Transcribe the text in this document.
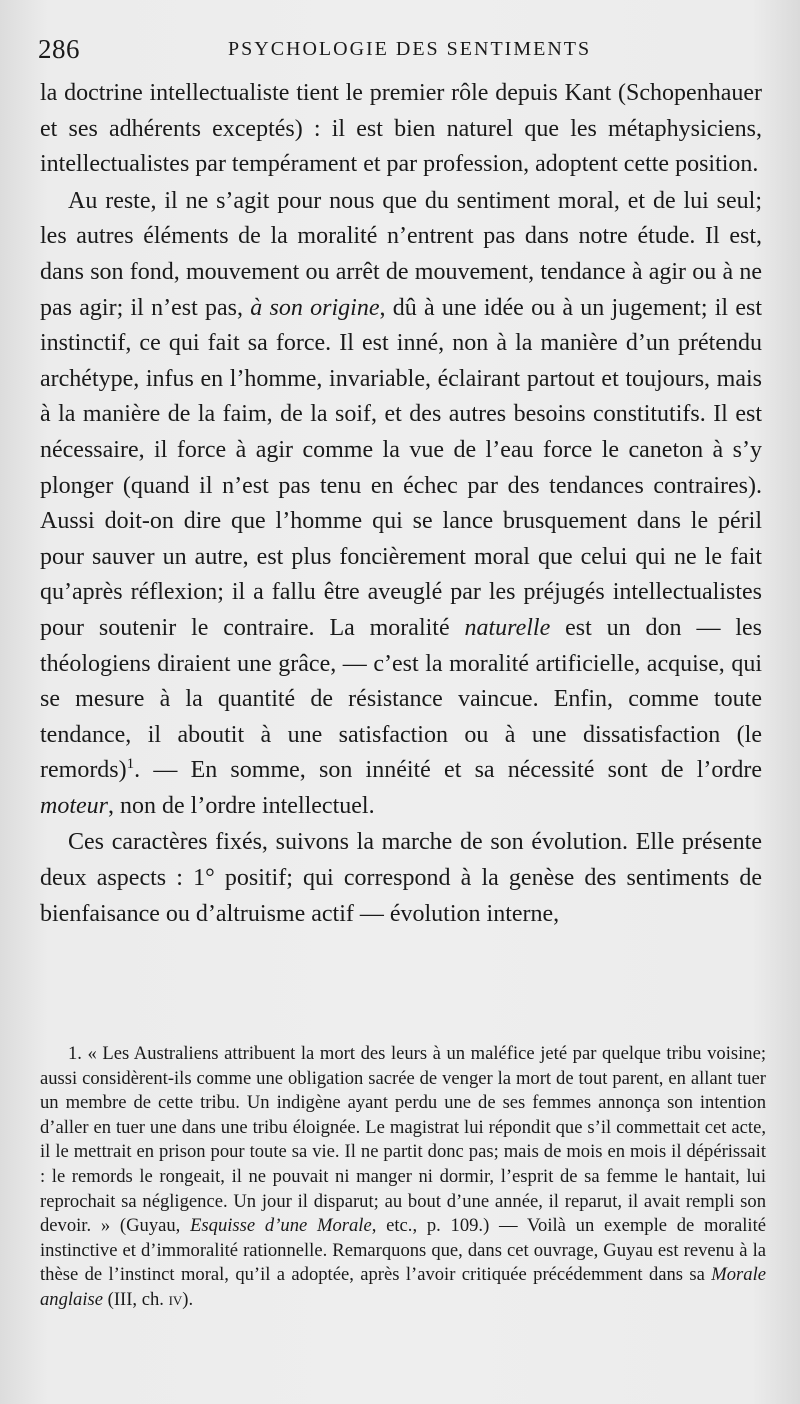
286	PSYCHOLOGIE DES SENTIMENTS

la doctrine intellectualiste tient le premier rôle depuis Kant (Schopenhauer et ses adhérents exceptés) : il est bien naturel que les métaphysiciens, intellectualistes par tempérament et par profession, adoptent cette position.

Au reste, il ne s’agit pour nous que du sentiment moral, et de lui seul; les autres éléments de la moralité n’entrent pas dans notre étude. Il est, dans son fond, mouvement ou arrêt de mouvement, tendance à agir ou à ne pas agir; il n’est pas, à son origine, dû à une idée ou à un jugement; il est instinctif, ce qui fait sa force. Il est inné, non à la manière d’un prétendu archétype, infus en l’homme, invariable, éclairant partout et toujours, mais à la manière de la faim, de la soif, et des autres besoins constitutifs. Il est nécessaire, il force à agir comme la vue de l’eau force le caneton à s’y plonger (quand il n’est pas tenu en échec par des tendances contraires). Aussi doit-on dire que l’homme qui se lance brusquement dans le péril pour sauver un autre, est plus foncièrement moral que celui qui ne le fait qu’après réflexion; il a fallu être aveuglé par les préjugés intellectualistes pour soutenir le contraire. La moralité naturelle est un don — les théologiens diraient une grâce, — c’est la moralité artificielle, acquise, qui se mesure à la quantité de résistance vaincue. Enfin, comme toute tendance, il aboutit à une satisfaction ou à une dissatisfaction (le remords)$^1$. — En somme, son innéité et sa nécessité sont de l’ordre moteur, non de l’ordre intellectuel.

Ces caractères fixés, suivons la marche de son évolution. Elle présente deux aspects : 1° positif; qui correspond à la genèse des sentiments de bienfaisance ou d’altruisme actif — évolution interne,

1. « Les Australiens attribuent la mort des leurs à un maléfice jeté par quelque tribu voisine; aussi considèrent-ils comme une obligation sacrée de venger la mort de tout parent, en allant tuer un membre de cette tribu. Un indigène ayant perdu une de ses femmes annonça son intention d’aller en tuer une dans une tribu éloignée. Le magistrat lui répondit que s’il commettait cet acte, il le mettrait en prison pour toute sa vie. Il ne partit donc pas; mais de mois en mois il dépérissait : le remords le rongeait, il ne pouvait ni manger ni dormir, l’esprit de sa femme le hantait, lui reprochait sa négligence. Un jour il disparut; au bout d’une année, il reparut, il avait rempli son devoir. » (Guyau, Esquisse d’une Morale, etc., p. 109.) — Voilà un exemple de moralité instinctive et d’immoralité rationnelle. Remarquons que, dans cet ouvrage, Guyau est revenu à la thèse de l’instinct moral, qu’il a adoptée, après l’avoir critiquée précédemment dans sa Morale anglaise (III, ch. iv).
